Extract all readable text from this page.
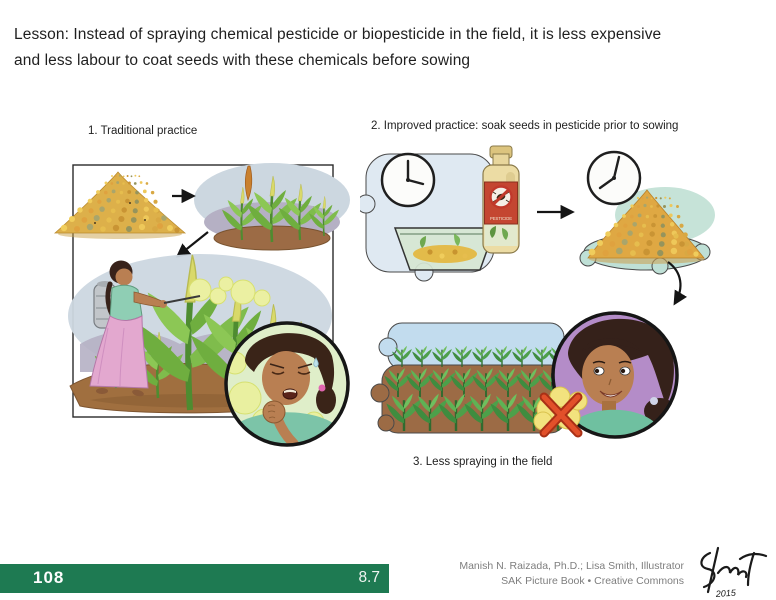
Lesson: Instead of spraying chemical pesticide or biopesticide in the field, it is less expensive
and less labour to coat seeds with these chemicals before sowing
1. Traditional practice	2. Improved practice: soak seeds in pesticide prior to sowing
3. Less spraying in the field
PESTICIDE
108	8.7
Manish N. Raizada, Ph.D.; Lisa Smith, Illustrator
SAK Picture Book • Creative Commons
2015
